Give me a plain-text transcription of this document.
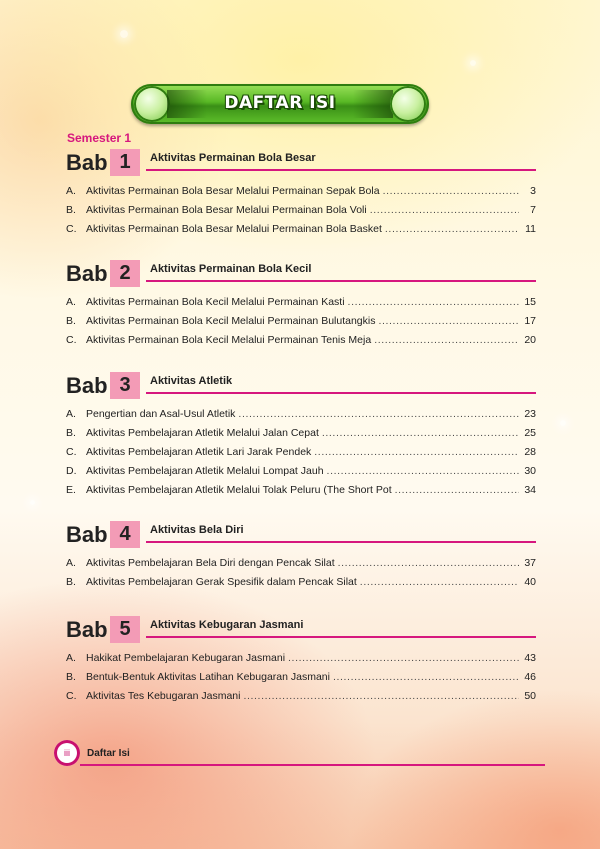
DAFTAR ISI
Semester 1
Bab 1	Aktivitas Permainan Bola Besar
A. Aktivitas Permainan Bola Besar Melalui Permainan Sepak Bola .....	3
B. Aktivitas Permainan Bola Besar Melalui Permainan Bola Voli .....	7
C. Aktivitas Permainan Bola Besar Melalui Permainan Bola Basket .....	11
Bab 2	Aktivitas Permainan Bola Kecil
A. Aktivitas Permainan Bola Kecil Melalui Permainan Kasti .....	15
B. Aktivitas Permainan Bola Kecil Melalui Permainan Bulutangkis .....	17
C. Aktivitas Permainan Bola Kecil Melalui Permainan Tenis Meja .....	20
Bab 3	Aktivitas Atletik
A. Pengertian dan Asal-Usul Atletik .....	23
B. Aktivitas Pembelajaran Atletik Melalui Jalan Cepat .....	25
C. Aktivitas Pembelajaran Atletik Lari Jarak Pendek .....	28
D. Aktivitas Pembelajaran Atletik Melalui Lompat Jauh .....	30
E. Aktivitas Pembelajaran Atletik Melalui Tolak Peluru (The Short Pot .....	34
Bab 4	Aktivitas Bela Diri
A. Aktivitas Pembelajaran Bela Diri dengan Pencak Silat .....	37
B. Aktivitas Pembelajaran Gerak Spesifik dalam Pencak Silat .....	40
Bab 5	Aktivitas Kebugaran Jasmani
A. Hakikat Pembelajaran Kebugaran Jasmani .....	43
B. Bentuk-Bentuk Aktivitas Latihan Kebugaran Jasmani .....	46
C. Aktivitas Tes Kebugaran Jasmani .....	50
iii	Daftar Isi
